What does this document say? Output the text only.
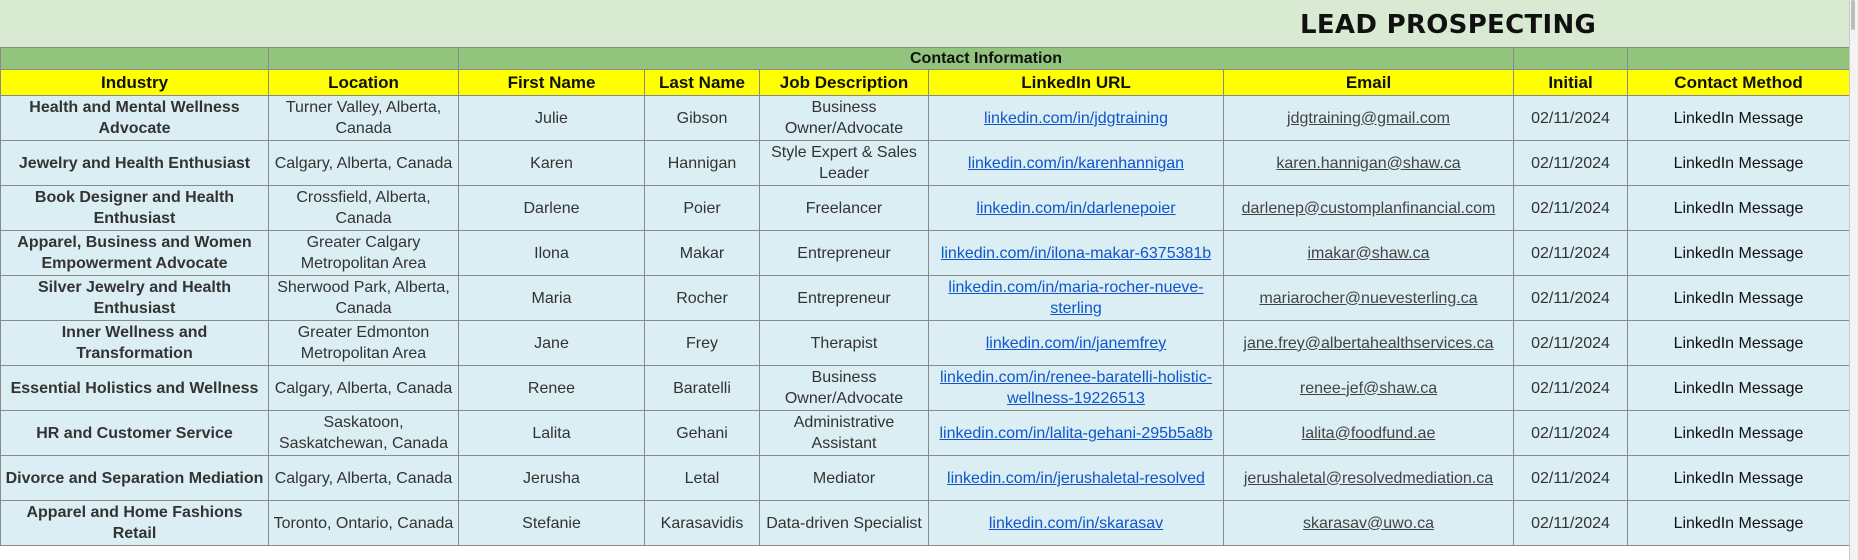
LEAD PROSPECTING
		Contact Information						
Industry	Location	First Name	Last Name	Job Description	LinkedIn URL	Email	Initial	Contact Method

Health and Mental Wellness Advocate	Turner Valley, Alberta, Canada	Julie	Gibson	Business Owner/Advocate	linkedin.com/in/jdgtraining	jdgtraining@gmail.com	02/11/2024	LinkedIn Message

Jewelry and Health Enthusiast	Calgary, Alberta, Canada	Karen	Hannigan	Style Expert & Sales Leader	linkedin.com/in/karenhannigan	karen.hannigan@shaw.ca	02/11/2024	LinkedIn Message

Book Designer and Health Enthusiast	Crossfield, Alberta, Canada	Darlene	Poier	Freelancer	linkedin.com/in/darlenepoier	darlenep@customplanfinancial.com	02/11/2024	LinkedIn Message

Apparel, Business and Women Empowerment Advocate	Greater Calgary Metropolitan Area	Ilona	Makar	Entrepreneur	linkedin.com/in/ilona-makar-6375381b	imakar@shaw.ca	02/11/2024	LinkedIn Message

Silver Jewelry and Health Enthusiast	Sherwood Park, Alberta, Canada	Maria	Rocher	Entrepreneur	linkedin.com/in/maria-rocher-nueve-sterling	mariarocher@nuevesterling.ca	02/11/2024	LinkedIn Message

Inner Wellness and Transformation	Greater Edmonton Metropolitan Area	Jane	Frey	Therapist	linkedin.com/in/janemfrey	jane.frey@albertahealthservices.ca	02/11/2024	LinkedIn Message

Essential Holistics and Wellness	Calgary, Alberta, Canada	Renee	Baratelli	Business Owner/Advocate	linkedin.com/in/renee-baratelli-holistic-wellness-19226513	renee-jef@shaw.ca	02/11/2024	LinkedIn Message

HR and Customer Service	Saskatoon, Saskatchewan, Canada	Lalita	Gehani	Administrative Assistant	linkedin.com/in/lalita-gehani-295b5a8b	lalita@foodfund.ae	02/11/2024	LinkedIn Message

Divorce and Separation Mediation	Calgary, Alberta, Canada	Jerusha	Letal	Mediator	linkedin.com/in/jerushaletal-resolved	jerushaletal@resolvedmediation.ca	02/11/2024	LinkedIn Message

Apparel and Home Fashions Retail	Toronto, Ontario, Canada	Stefanie	Karasavidis	Data-driven Specialist	linkedin.com/in/skarasav	skarasav@uwo.ca	02/11/2024	LinkedIn Message
